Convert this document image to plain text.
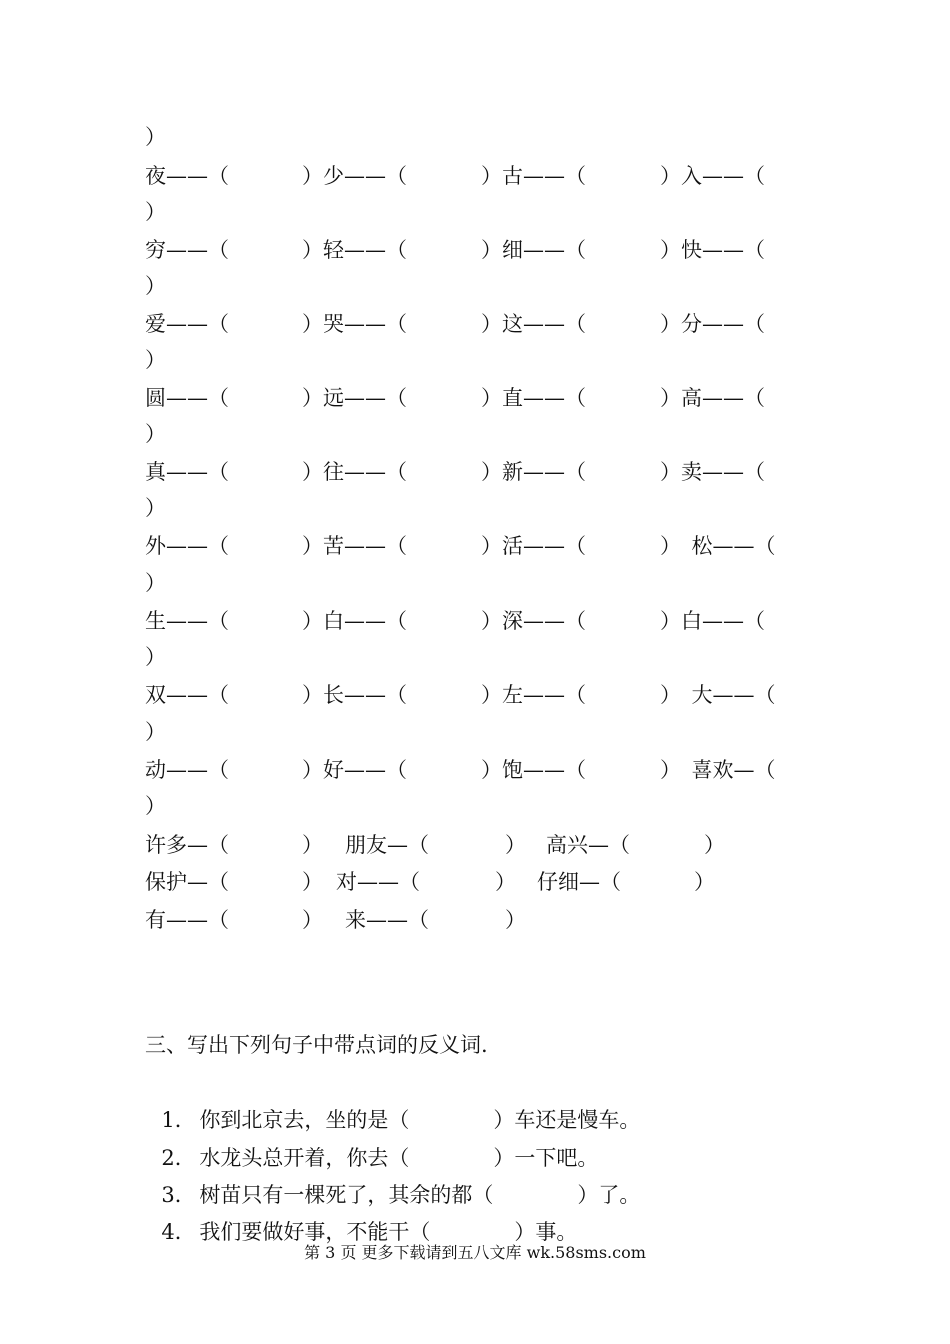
）
夜——（	）少——（	）古——（	）入——（
）
穷——（	）轻——（	）细——（	）快——（
）
爱——（	）哭——（	）这——（	）分——（
）
圆——（	）远——（	）直——（	）高——（
）
真——（	）往——（	）新——（	）卖——（
）
外——（	）苦——（	）活——（	）　松——（
）
生——（	）白——（	）深——（	）白——（
）
双——（	）长——（	）左——（	）　大——（
）
动——（	）好——（	）饱——（	）　喜欢—（
）
许多—（	） 朋友—（	） 高兴—（	）
保护—（	） 对——（	） 仔细—（	）
有——（	） 来——（	）
三、写出下列句子中带点词的反义词.

1． 你到北京去，坐的是（　　　　）车还是慢车。

2． 水龙头总开着，你去（　　　　）一下吧。

3． 树苗只有一棵死了，其余的都（　　　　）了。

4． 我们要做好事，不能干（　　　　）事。

第 3 页 更多下载请到五八文库 wk.58sms.com
